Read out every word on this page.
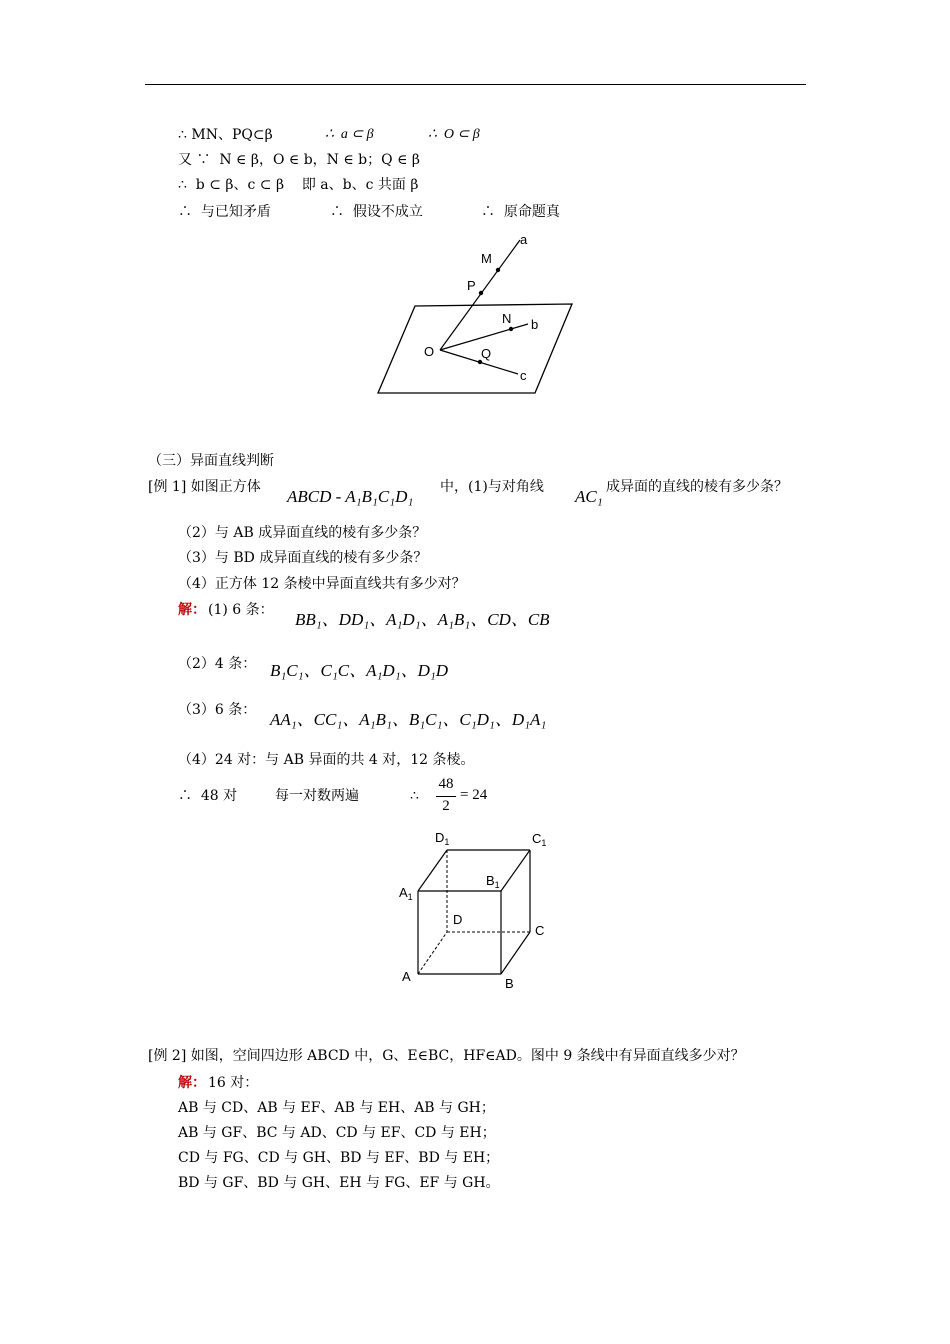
∴ MN、PQ⊂β	∴  a ⊂ β	∴  O ⊂ β
又 ∵  N ∈ β，O ∈ b，N ∈ b；Q ∈ β
∴  b ⊂ β、c ⊂ β    即 a、b、c 共面 β
∴  与已知矛盾	∴  假设不成立	∴  原命题真
a
M
P
N b
O	Q
c
（三）异面直线判断
[例 1] 如图正方体 ABCD - A₁B₁C₁D₁ 中，(1)与对角线 AC₁ 成异面的直线的棱有多少条？
（2）与 AB 成异面直线的棱有多少条？
（3）与 BD 成异面直线的棱有多少条？
（4）正方体 12 条棱中异面直线共有多少对？
解： (1) 6 条： BB₁、DD₁、A₁D₁、A₁B₁、CD、CB
（2）4 条： B₁C₁、C₁C、A₁D₁、D₁D
（3）6 条： AA₁、CC₁、A₁B₁、B₁C₁、C₁D₁、D₁A₁
（4）24 对：与 AB 异面的共 4 对，12 条棱。
∴  48 对	每一对数两遍	∴
48
2
= 24
$D_1$	$C_1$
$A_1$
$B_1$
D
C
A	B
[例 2] 如图，空间四边形 ABCD 中，G、E∈BC，HF∈AD。图中 9 条线中有异面直线多少对？
解： 16 对：
AB 与 CD、AB 与 EF、AB 与 EH、AB 与 GH；
AB 与 GF、BC 与 AD、CD 与 EF、CD 与 EH；
CD 与 FG、CD 与 GH、BD 与 EF、BD 与 EH；
BD 与 GF、BD 与 GH、EH 与 FG、EF 与 GH。
